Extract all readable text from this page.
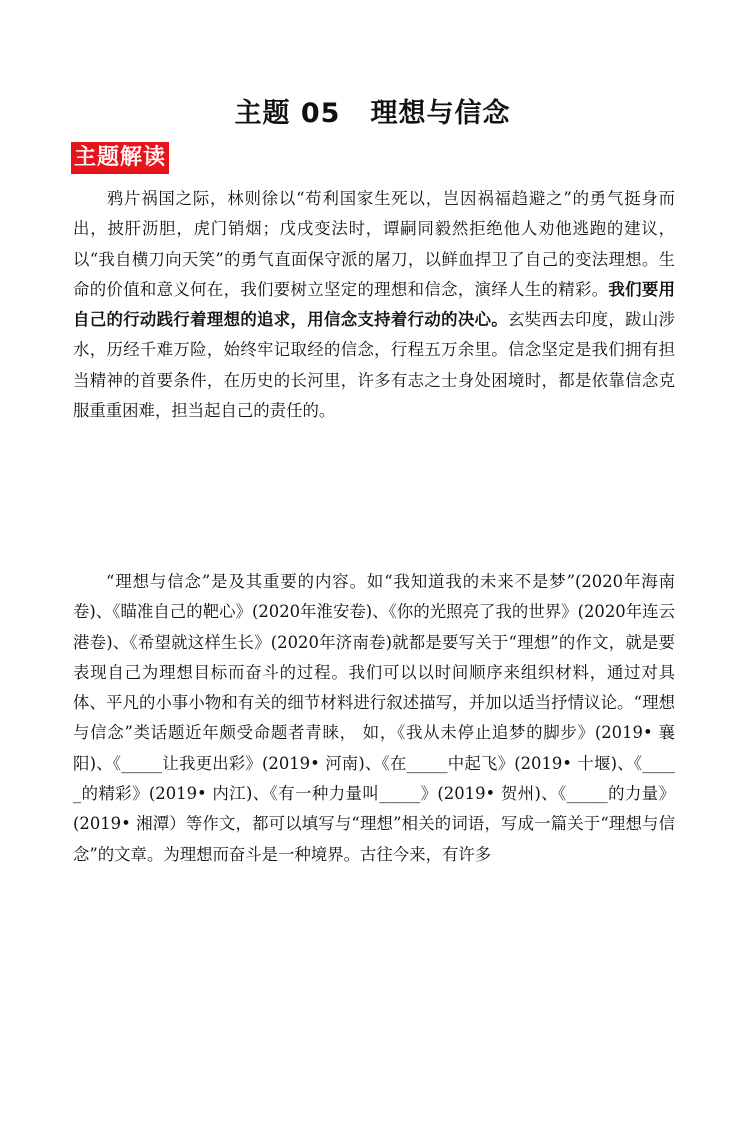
主题 05 理想与信念
主题解读
鸦片祸国之际，林则徐以“苟利国家生死以，岂因祸福趋避之”的勇气挺身而出，披肝沥胆，虎门销烟；戊戌变法时，谭嗣同毅然拒绝他人劝他逃跑的建议，以“我自横刀向天笑”的勇气直面保守派的屠刀，以鲜血捍卫了自己的变法理想。生命的价值和意义何在，我们要树立坚定的理想和信念，演绎人生的精彩。我们要用自己的行动践行着理想的追求，用信念支持着行动的决心。玄奘西去印度，跋山涉水，历经千难万险，始终牢记取经的信念，行程五万余里。信念坚定是我们拥有担当精神的首要条件，在历史的长河里，许多有志之士身处困境时，都是依靠信念克服重重困难，担当起自己的责任的。
“理想与信念”是及其重要的内容。如“我知道我的未来不是梦”(2020年海南卷)、《瞄准自己的靶心》(2020年淮安卷)、《你的光照亮了我的世界》(2020年连云港卷)、《希望就这样生长》(2020年济南卷)就都是要写关于“理想”的作文，就是要表现自己为理想目标而奋斗的过程。我们可以以时间顺序来组织材料，通过对具体、平凡的小事小物和有关的细节材料进行叙述描写，并加以适当抒情议论。“理想与信念”类话题近年颇受命题者青睐， 如，《我从未停止追梦的脚步》(2019• 襄阳)、《_____让我更出彩》(2019• 河南)、《在_____中起飞》(2019• 十堰)、《_____的精彩》(2019• 内江)、《有一种力量叫_____》(2019• 贺州)、《_____的力量》(2019• 湘潭）等作文，都可以填写与“理想”相关的词语，写成一篇关于“理想与信念”的文章。为理想而奋斗是一种境界。古往今来，有许多
